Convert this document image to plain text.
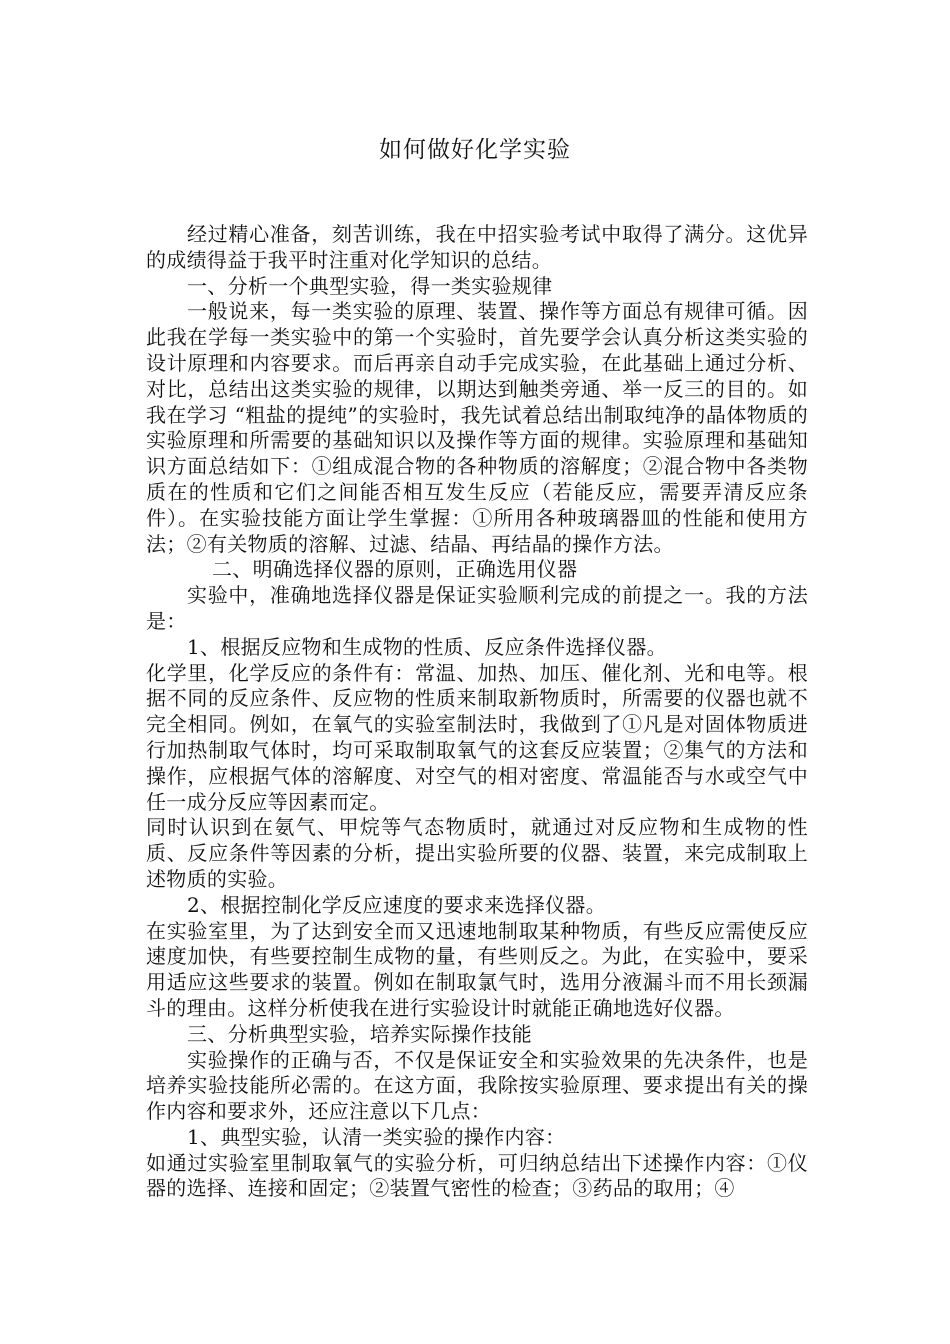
如何做好化学实验

经过精心准备，刻苦训练，我在中招实验考试中取得了满分。这优异的成绩得益于我平时注重对化学知识的总结。

一、分析一个典型实验，得一类实验规律

一般说来，每一类实验的原理、装置、操作等方面总有规律可循。因此我在学每一类实验中的第一个实验时，首先要学会认真分析这类实验的设计原理和内容要求。而后再亲自动手完成实验，在此基础上通过分析、对比，总结出这类实验的规律，以期达到触类旁通、举一反三的目的。如我在学习 “粗盐的提纯”的实验时，我先试着总结出制取纯净的晶体物质的实验原理和所需要的基础知识以及操作等方面的规律。实验原理和基础知识方面总结如下：①组成混合物的各种物质的溶解度；②混合物中各类物质在的性质和它们之间能否相互发生反应（若能反应，需要弄清反应条件）。在实验技能方面让学生掌握：①所用各种玻璃器皿的性能和使用方法；②有关物质的溶解、过滤、结晶、再结晶的操作方法。

二、明确选择仪器的原则，正确选用仪器

实验中，准确地选择仪器是保证实验顺利完成的前提之一。我的方法是：

1、根据反应物和生成物的性质、反应条件选择仪器。

化学里，化学反应的条件有：常温、加热、加压、催化剂、光和电等。根据不同的反应条件、反应物的性质来制取新物质时，所需要的仪器也就不完全相同。例如，在氧气的实验室制法时，我做到了①凡是对固体物质进行加热制取气体时，均可采取制取氧气的这套反应装置；②集气的方法和操作，应根据气体的溶解度、对空气的相对密度、常温能否与水或空气中任一成分反应等因素而定。

同时认识到在氨气、甲烷等气态物质时，就通过对反应物和生成物的性质、反应条件等因素的分析，提出实验所要的仪器、装置，来完成制取上述物质的实验。

2、根据控制化学反应速度的要求来选择仪器。

在实验室里，为了达到安全而又迅速地制取某种物质，有些反应需使反应速度加快，有些要控制生成物的量，有些则反之。为此，在实验中，要采用适应这些要求的装置。例如在制取氯气时，选用分液漏斗而不用长颈漏斗的理由。这样分析使我在进行实验设计时就能正确地选好仪器。

三、分析典型实验，培养实际操作技能

实验操作的正确与否，不仅是保证安全和实验效果的先决条件，也是培养实验技能所必需的。在这方面，我除按实验原理、要求提出有关的操作内容和要求外，还应注意以下几点：

1、典型实验，认清一类实验的操作内容：

如通过实验室里制取氧气的实验分析，可归纳总结出下述操作内容：①仪器的选择、连接和固定；②装置气密性的检查；③药品的取用；④
